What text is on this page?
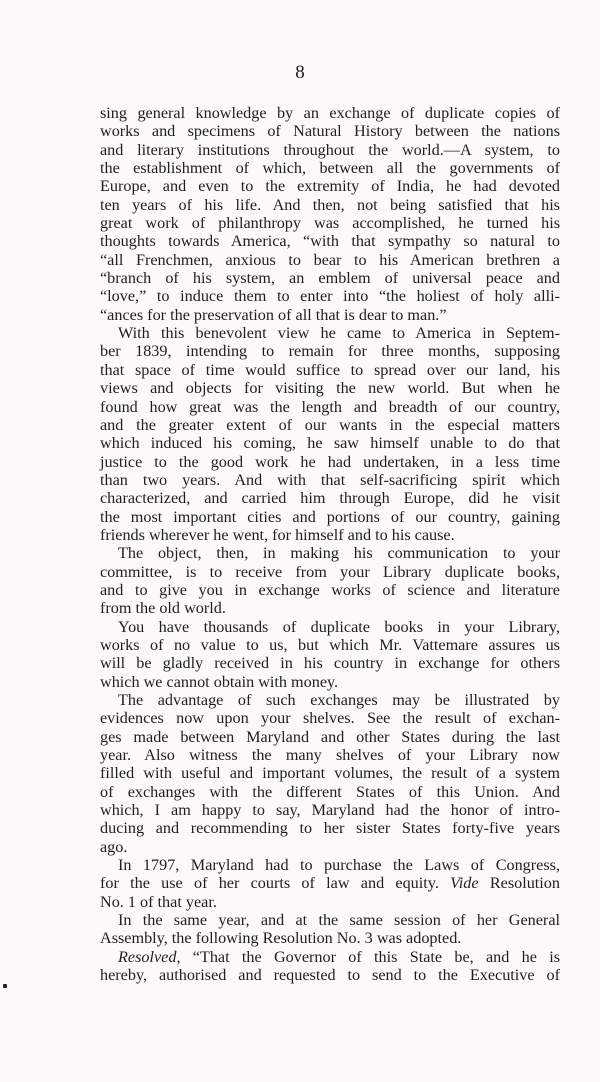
8
sing general knowledge by an exchange of duplicate copies of
works and specimens of Natural History between the nations
and literary institutions throughout the world.—A system, to
the establishment of which, between all the governments of
Europe, and even to the extremity of India, he had devoted
ten years of his life. And then, not being satisfied that his
great work of philanthropy was accomplished, he turned his
thoughts towards America, “with that sympathy so natural to
“all Frenchmen, anxious to bear to his American brethren a
“branch of his system, an emblem of universal peace and
“love,” to induce them to enter into “the holiest of holy alli-
“ances for the preservation of all that is dear to man.”
With this benevolent view he came to America in Septem-
ber 1839, intending to remain for three months, supposing
that space of time would suffice to spread over our land, his
views and objects for visiting the new world. But when he
found how great was the length and breadth of our country,
and the greater extent of our wants in the especial matters
which induced his coming, he saw himself unable to do that
justice to the good work he had undertaken, in a less time
than two years. And with that self-sacrificing spirit which
characterized, and carried him through Europe, did he visit
the most important cities and portions of our country, gaining
friends wherever he went, for himself and to his cause.
The object, then, in making his communication to your
committee, is to receive from your Library duplicate books,
and to give you in exchange works of science and literature
from the old world.
You have thousands of duplicate books in your Library,
works of no value to us, but which Mr. Vattemare assures us
will be gladly received in his country in exchange for others
which we cannot obtain with money.
The advantage of such exchanges may be illustrated by
evidences now upon your shelves. See the result of exchan-
ges made between Maryland and other States during the last
year. Also witness the many shelves of your Library now
filled with useful and important volumes, the result of a system
of exchanges with the different States of this Union. And
which, I am happy to say, Maryland had the honor of intro-
ducing and recommending to her sister States forty-five years
ago.
In 1797, Maryland had to purchase the Laws of Congress,
for the use of her courts of law and equity. Vide Resolution
No. 1 of that year.
In the same year, and at the same session of her General
Assembly, the following Resolution No. 3 was adopted.
Resolved, “That the Governor of this State be, and he is
hereby, authorised and requested to send to the Executive of
